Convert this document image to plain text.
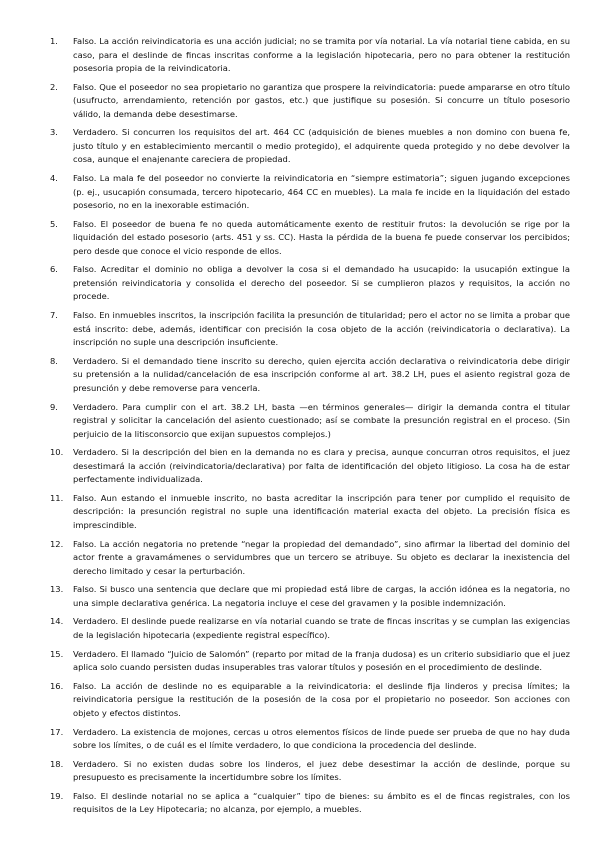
1.	Falso. La acción reivindicatoria es una acción judicial; no se tramita por vía notarial. La vía notarial tiene cabida, en su caso, para el deslinde de fincas inscritas conforme a la legislación hipotecaria, pero no para obtener la restitución posesoria propia de la reivindicatoria.
2.	Falso. Que el poseedor no sea propietario no garantiza que prospere la reivindicatoria: puede ampararse en otro título (usufructo, arrendamiento, retención por gastos, etc.) que justifique su posesión. Si concurre un título posesorio válido, la demanda debe desestimarse.
3.	Verdadero. Si concurren los requisitos del art. 464 CC (adquisición de bienes muebles a non domino con buena fe, justo título y en establecimiento mercantil o medio protegido), el adquirente queda protegido y no debe devolver la cosa, aunque el enajenante careciera de propiedad.
4.	Falso. La mala fe del poseedor no convierte la reivindicatoria en “siempre estimatoria”; siguen jugando excepciones (p. ej., usucapión consumada, tercero hipotecario, 464 CC en muebles). La mala fe incide en la liquidación del estado posesorio, no en la inexorable estimación.
5.	Falso. El poseedor de buena fe no queda automáticamente exento de restituir frutos: la devolución se rige por la liquidación del estado posesorio (arts. 451 y ss. CC). Hasta la pérdida de la buena fe puede conservar los percibidos; pero desde que conoce el vicio responde de ellos.
6.	Falso. Acreditar el dominio no obliga a devolver la cosa si el demandado ha usucapido: la usucapión extingue la pretensión reivindicatoria y consolida el derecho del poseedor. Si se cumplieron plazos y requisitos, la acción no procede.
7.	Falso. En inmuebles inscritos, la inscripción facilita la presunción de titularidad; pero el actor no se limita a probar que está inscrito: debe, además, identificar con precisión la cosa objeto de la acción (reivindicatoria o declarativa). La inscripción no suple una descripción insuficiente.
8.	Verdadero. Si el demandado tiene inscrito su derecho, quien ejercita acción declarativa o reivindicatoria debe dirigir su pretensión a la nulidad/cancelación de esa inscripción conforme al art. 38.2 LH, pues el asiento registral goza de presunción y debe removerse para vencerla.
9.	Verdadero. Para cumplir con el art. 38.2 LH, basta —en términos generales— dirigir la demanda contra el titular registral y solicitar la cancelación del asiento cuestionado; así se combate la presunción registral en el proceso. (Sin perjuicio de la litisconsorcio que exijan supuestos complejos.)
10.	Verdadero. Si la descripción del bien en la demanda no es clara y precisa, aunque concurran otros requisitos, el juez desestimará la acción (reivindicatoria/declarativa) por falta de identificación del objeto litigioso. La cosa ha de estar perfectamente individualizada.
11.	Falso. Aun estando el inmueble inscrito, no basta acreditar la inscripción para tener por cumplido el requisito de descripción: la presunción registral no suple una identificación material exacta del objeto. La precisión física es imprescindible.
12.	Falso. La acción negatoria no pretende “negar la propiedad del demandado”, sino afirmar la libertad del dominio del actor frente a gravamámenes o servidumbres que un tercero se atribuye. Su objeto es declarar la inexistencia del derecho limitado y cesar la perturbación.
13.	Falso. Si busco una sentencia que declare que mi propiedad está libre de cargas, la acción idónea es la negatoria, no una simple declarativa genérica. La negatoria incluye el cese del gravamen y la posible indemnización.
14.	Verdadero. El deslinde puede realizarse en vía notarial cuando se trate de fincas inscritas y se cumplan las exigencias de la legislación hipotecaria (expediente registral específico).
15.	Verdadero. El llamado “Juicio de Salomón” (reparto por mitad de la franja dudosa) es un criterio subsidiario que el juez aplica solo cuando persisten dudas insuperables tras valorar títulos y posesión en el procedimiento de deslinde.
16.	Falso. La acción de deslinde no es equiparable a la reivindicatoria: el deslinde fija linderos y precisa límites; la reivindicatoria persigue la restitución de la posesión de la cosa por el propietario no poseedor. Son acciones con objeto y efectos distintos.
17.	Verdadero. La existencia de mojones, cercas u otros elementos físicos de linde puede ser prueba de que no hay duda sobre los límites, o de cuál es el límite verdadero, lo que condiciona la procedencia del deslinde.
18.	Verdadero. Si no existen dudas sobre los linderos, el juez debe desestimar la acción de deslinde, porque su presupuesto es precisamente la incertidumbre sobre los límites.
19.	Falso. El deslinde notarial no se aplica a “cualquier” tipo de bienes: su ámbito es el de fincas registrales, con los requisitos de la Ley Hipotecaria; no alcanza, por ejemplo, a muebles.
